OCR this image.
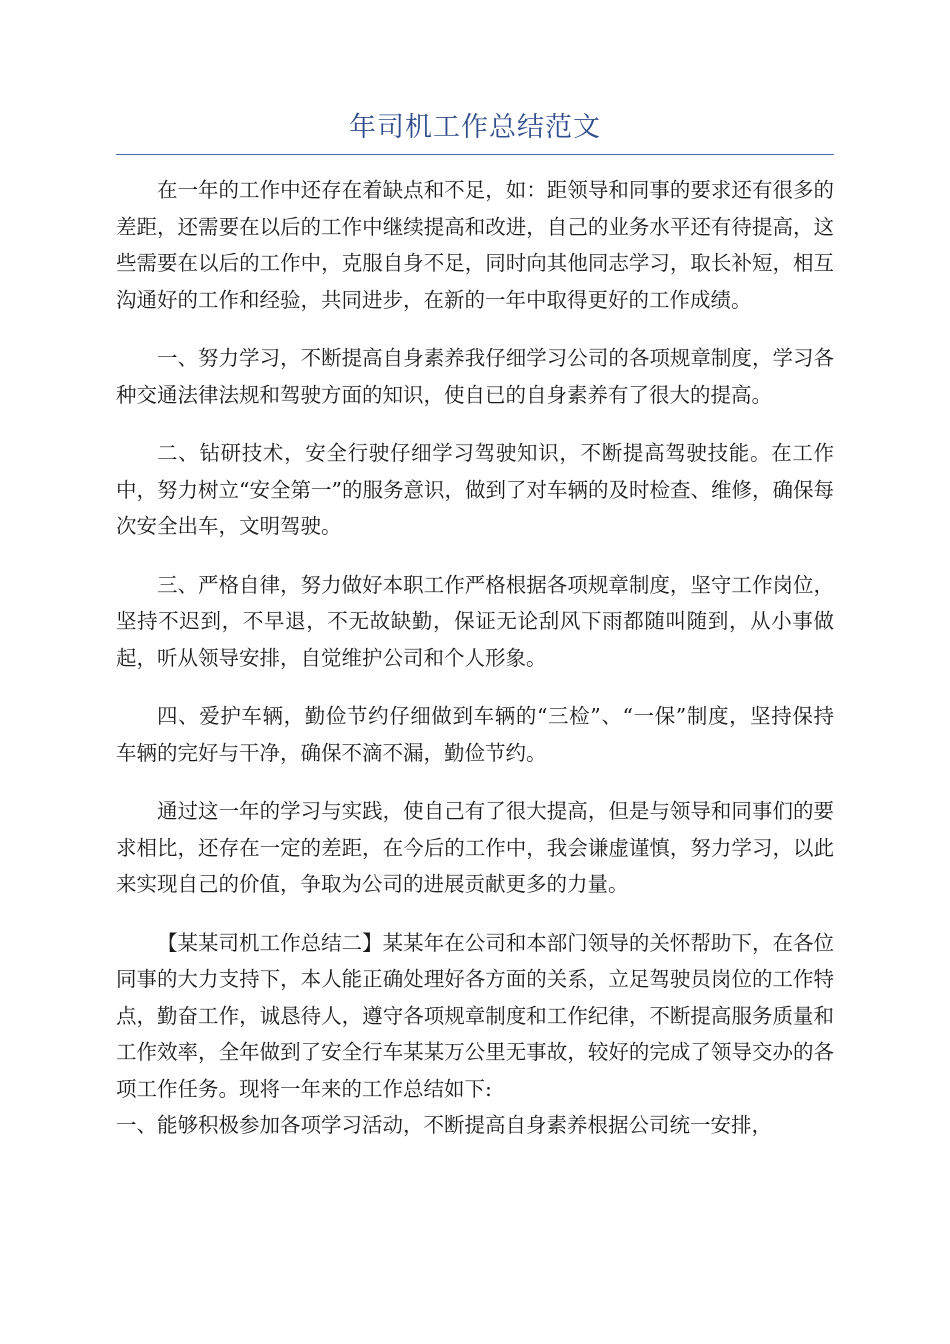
年司机工作总结范文

在一年的工作中还存在着缺点和不足，如：距领导和同事的要求还有很多的差距，还需要在以后的工作中继续提高和改进，自己的业务水平还有待提高，这些需要在以后的工作中，克服自身不足，同时向其他同志学习，取长补短，相互沟通好的工作和经验，共同进步，在新的一年中取得更好的工作成绩。

一、努力学习，不断提高自身素养我仔细学习公司的各项规章制度，学习各种交通法律法规和驾驶方面的知识，使自已的自身素养有了很大的提高。

二、钻研技术，安全行驶仔细学习驾驶知识，不断提高驾驶技能。在工作中，努力树立“安全第一”的服务意识，做到了对车辆的及时检查、维修，确保每次安全出车，文明驾驶。

三、严格自律，努力做好本职工作严格根据各项规章制度，坚守工作岗位，坚持不迟到，不早退，不无故缺勤，保证无论刮风下雨都随叫随到，从小事做起，听从领导安排，自觉维护公司和个人形象。

四、爱护车辆，勤俭节约仔细做到车辆的“三检”、“一保”制度，坚持保持车辆的完好与干净，确保不滴不漏，勤俭节约。

通过这一年的学习与实践，使自己有了很大提高，但是与领导和同事们的要求相比，还存在一定的差距，在今后的工作中，我会谦虚谨慎，努力学习，以此来实现自己的价值，争取为公司的进展贡献更多的力量。

【某某司机工作总结二】某某年在公司和本部门领导的关怀帮助下，在各位同事的大力支持下，本人能正确处理好各方面的关系，立足驾驶员岗位的工作特点，勤奋工作，诚恳待人，遵守各项规章制度和工作纪律，不断提高服务质量和工作效率，全年做到了安全行车某某万公里无事故，较好的完成了领导交办的各项工作任务。现将一年来的工作总结如下:

一、能够积极参加各项学习活动，不断提高自身素养根据公司统一安排，
